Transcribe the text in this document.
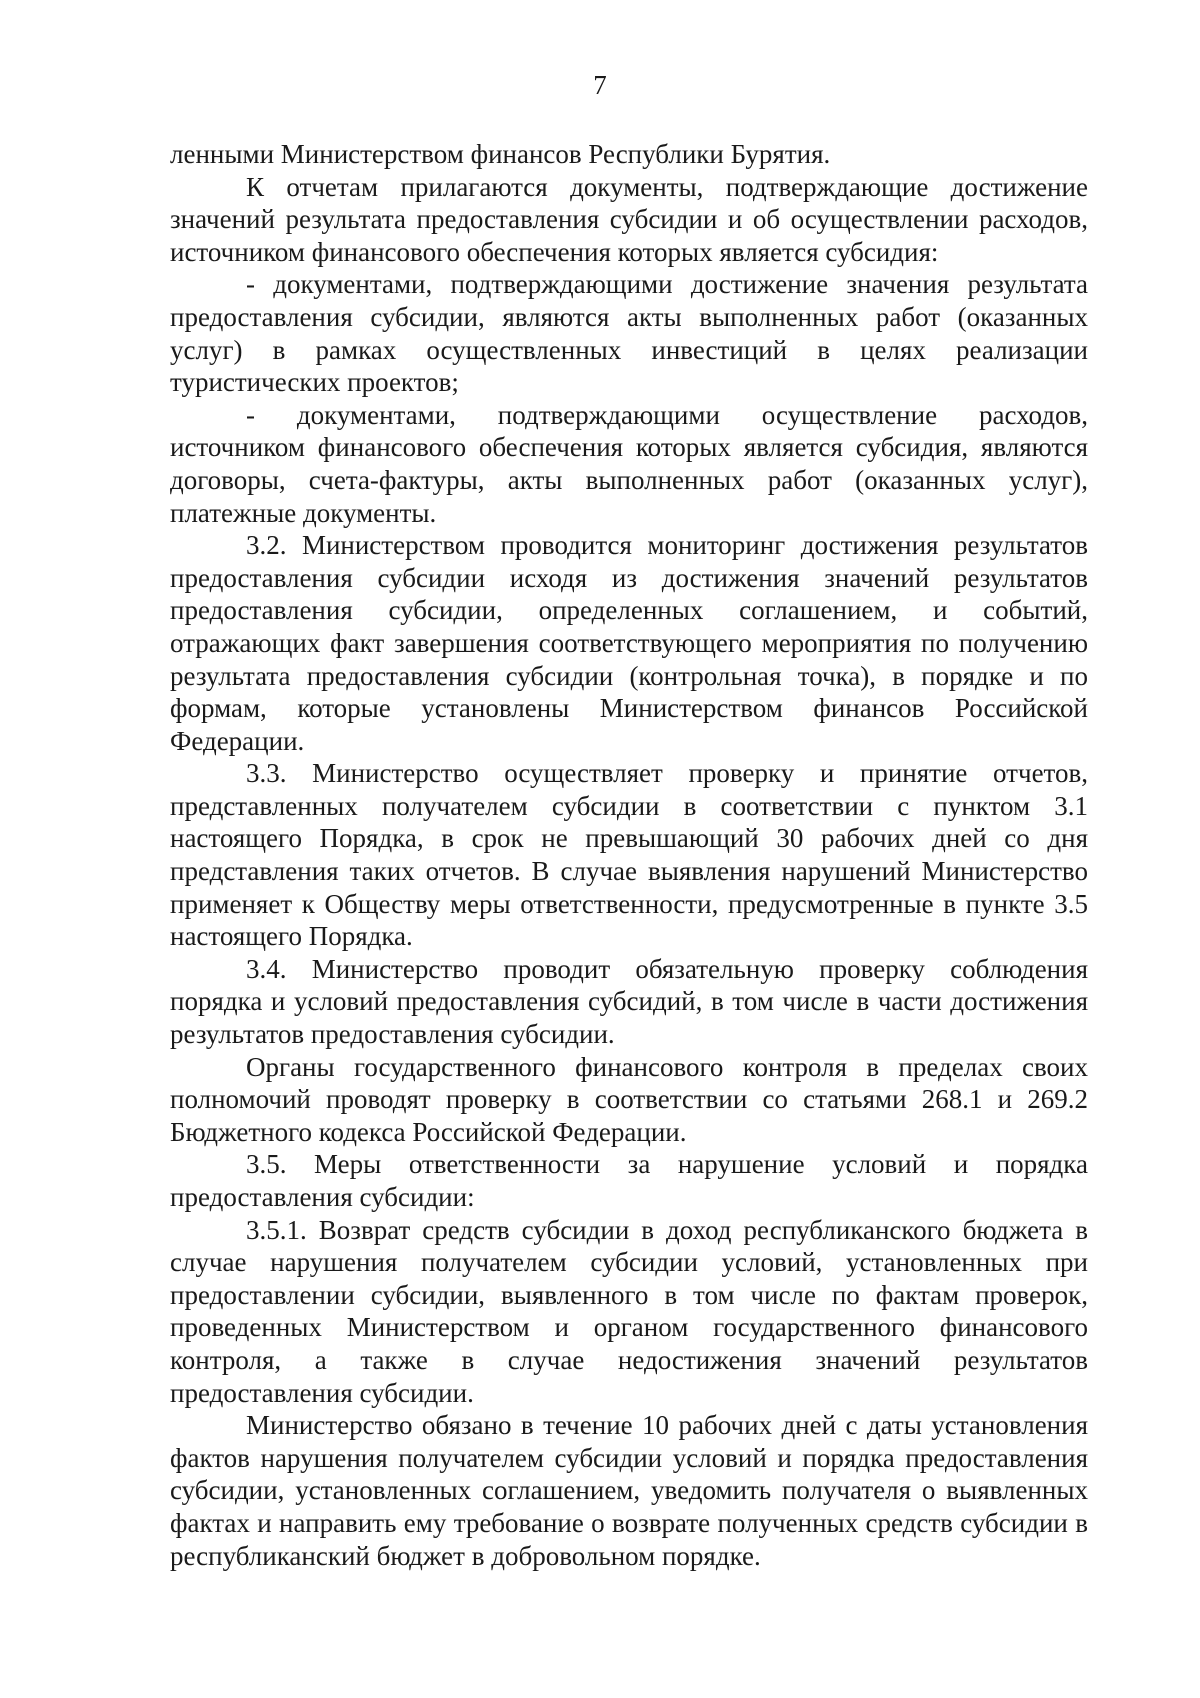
7

ленными Министерством финансов Республики Бурятия.

К отчетам прилагаются документы, подтверждающие достижение значений результата предоставления субсидии и об осуществлении расходов, источником финансового обеспечения которых является субсидия:

- документами, подтверждающими достижение значения результата предоставления субсидии, являются акты выполненных работ (оказанных услуг) в рамках осуществленных инвестиций в целях реализации туристических проектов;

- документами, подтверждающими осуществление расходов, источником финансового обеспечения которых является субсидия, являются договоры, счета-фактуры, акты выполненных работ (оказанных услуг), платежные документы.

3.2. Министерством проводится мониторинг достижения результатов предоставления субсидии исходя из достижения значений результатов предоставления субсидии, определенных соглашением, и событий, отражающих факт завершения соответствующего мероприятия по получению результата предоставления субсидии (контрольная точка), в порядке и по формам, которые установлены Министерством финансов Российской Федерации.

3.3. Министерство осуществляет проверку и принятие отчетов, представленных получателем субсидии в соответствии с пунктом 3.1 настоящего Порядка, в срок не превышающий 30 рабочих дней со дня представления таких отчетов. В случае выявления нарушений Министерство применяет к Обществу меры ответственности, предусмотренные в пункте 3.5 настоящего Порядка.

3.4. Министерство проводит обязательную проверку соблюдения порядка и условий предоставления субсидий, в том числе в части достижения результатов предоставления субсидии.

Органы государственного финансового контроля в пределах своих полномочий проводят проверку в соответствии со статьями 268.1 и 269.2 Бюджетного кодекса Российской Федерации.

3.5. Меры ответственности за нарушение условий и порядка предоставления субсидии:

3.5.1. Возврат средств субсидии в доход республиканского бюджета в случае нарушения получателем субсидии условий, установленных при предоставлении субсидии, выявленного в том числе по фактам проверок, проведенных Министерством и органом государственного финансового контроля, а также в случае недостижения значений результатов предоставления субсидии.

Министерство обязано в течение 10 рабочих дней с даты установления фактов нарушения получателем субсидии условий и порядка предоставления субсидии, установленных соглашением, уведомить получателя о выявленных фактах и направить ему требование о возврате полученных средств субсидии в республиканский бюджет в добровольном порядке.
